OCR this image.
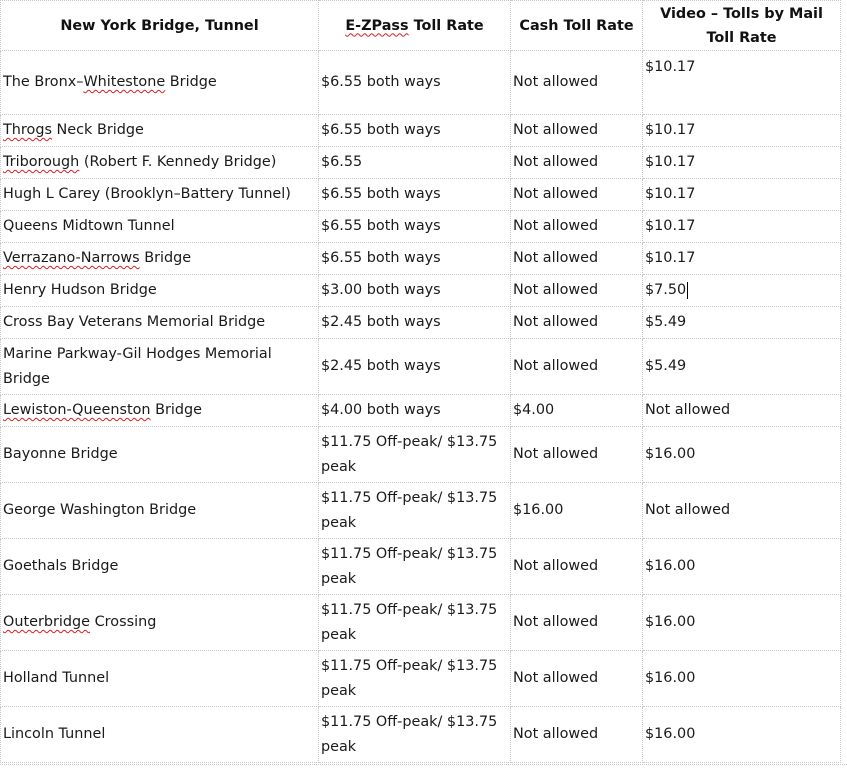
New York Bridge, Tunnel	E-ZPass Toll Rate	Cash Toll Rate	Video – Tolls by Mail Toll Rate
The Bronx–Whitestone Bridge	$6.55 both ways	Not allowed	$10.17
Throgs Neck Bridge	$6.55 both ways	Not allowed	$10.17
Triborough (Robert F. Kennedy Bridge)	$6.55	Not allowed	$10.17
Hugh L Carey (Brooklyn–Battery Tunnel)	$6.55 both ways	Not allowed	$10.17
Queens Midtown Tunnel	$6.55 both ways	Not allowed	$10.17
Verrazano-Narrows Bridge	$6.55 both ways	Not allowed	$10.17
Henry Hudson Bridge	$3.00 both ways	Not allowed	$7.50
Cross Bay Veterans Memorial Bridge	$2.45 both ways	Not allowed	$5.49
Marine Parkway-Gil Hodges Memorial Bridge	$2.45 both ways	Not allowed	$5.49
Lewiston-Queenston Bridge	$4.00 both ways	$4.00	Not allowed
Bayonne Bridge	$11.75 Off-peak/ $13.75 peak	Not allowed	$16.00
George Washington Bridge	$11.75 Off-peak/ $13.75 peak	$16.00	Not allowed
Goethals Bridge	$11.75 Off-peak/ $13.75 peak	Not allowed	$16.00
Outerbridge Crossing	$11.75 Off-peak/ $13.75 peak	Not allowed	$16.00
Holland Tunnel	$11.75 Off-peak/ $13.75 peak	Not allowed	$16.00
Lincoln Tunnel	$11.75 Off-peak/ $13.75 peak	Not allowed	$16.00
